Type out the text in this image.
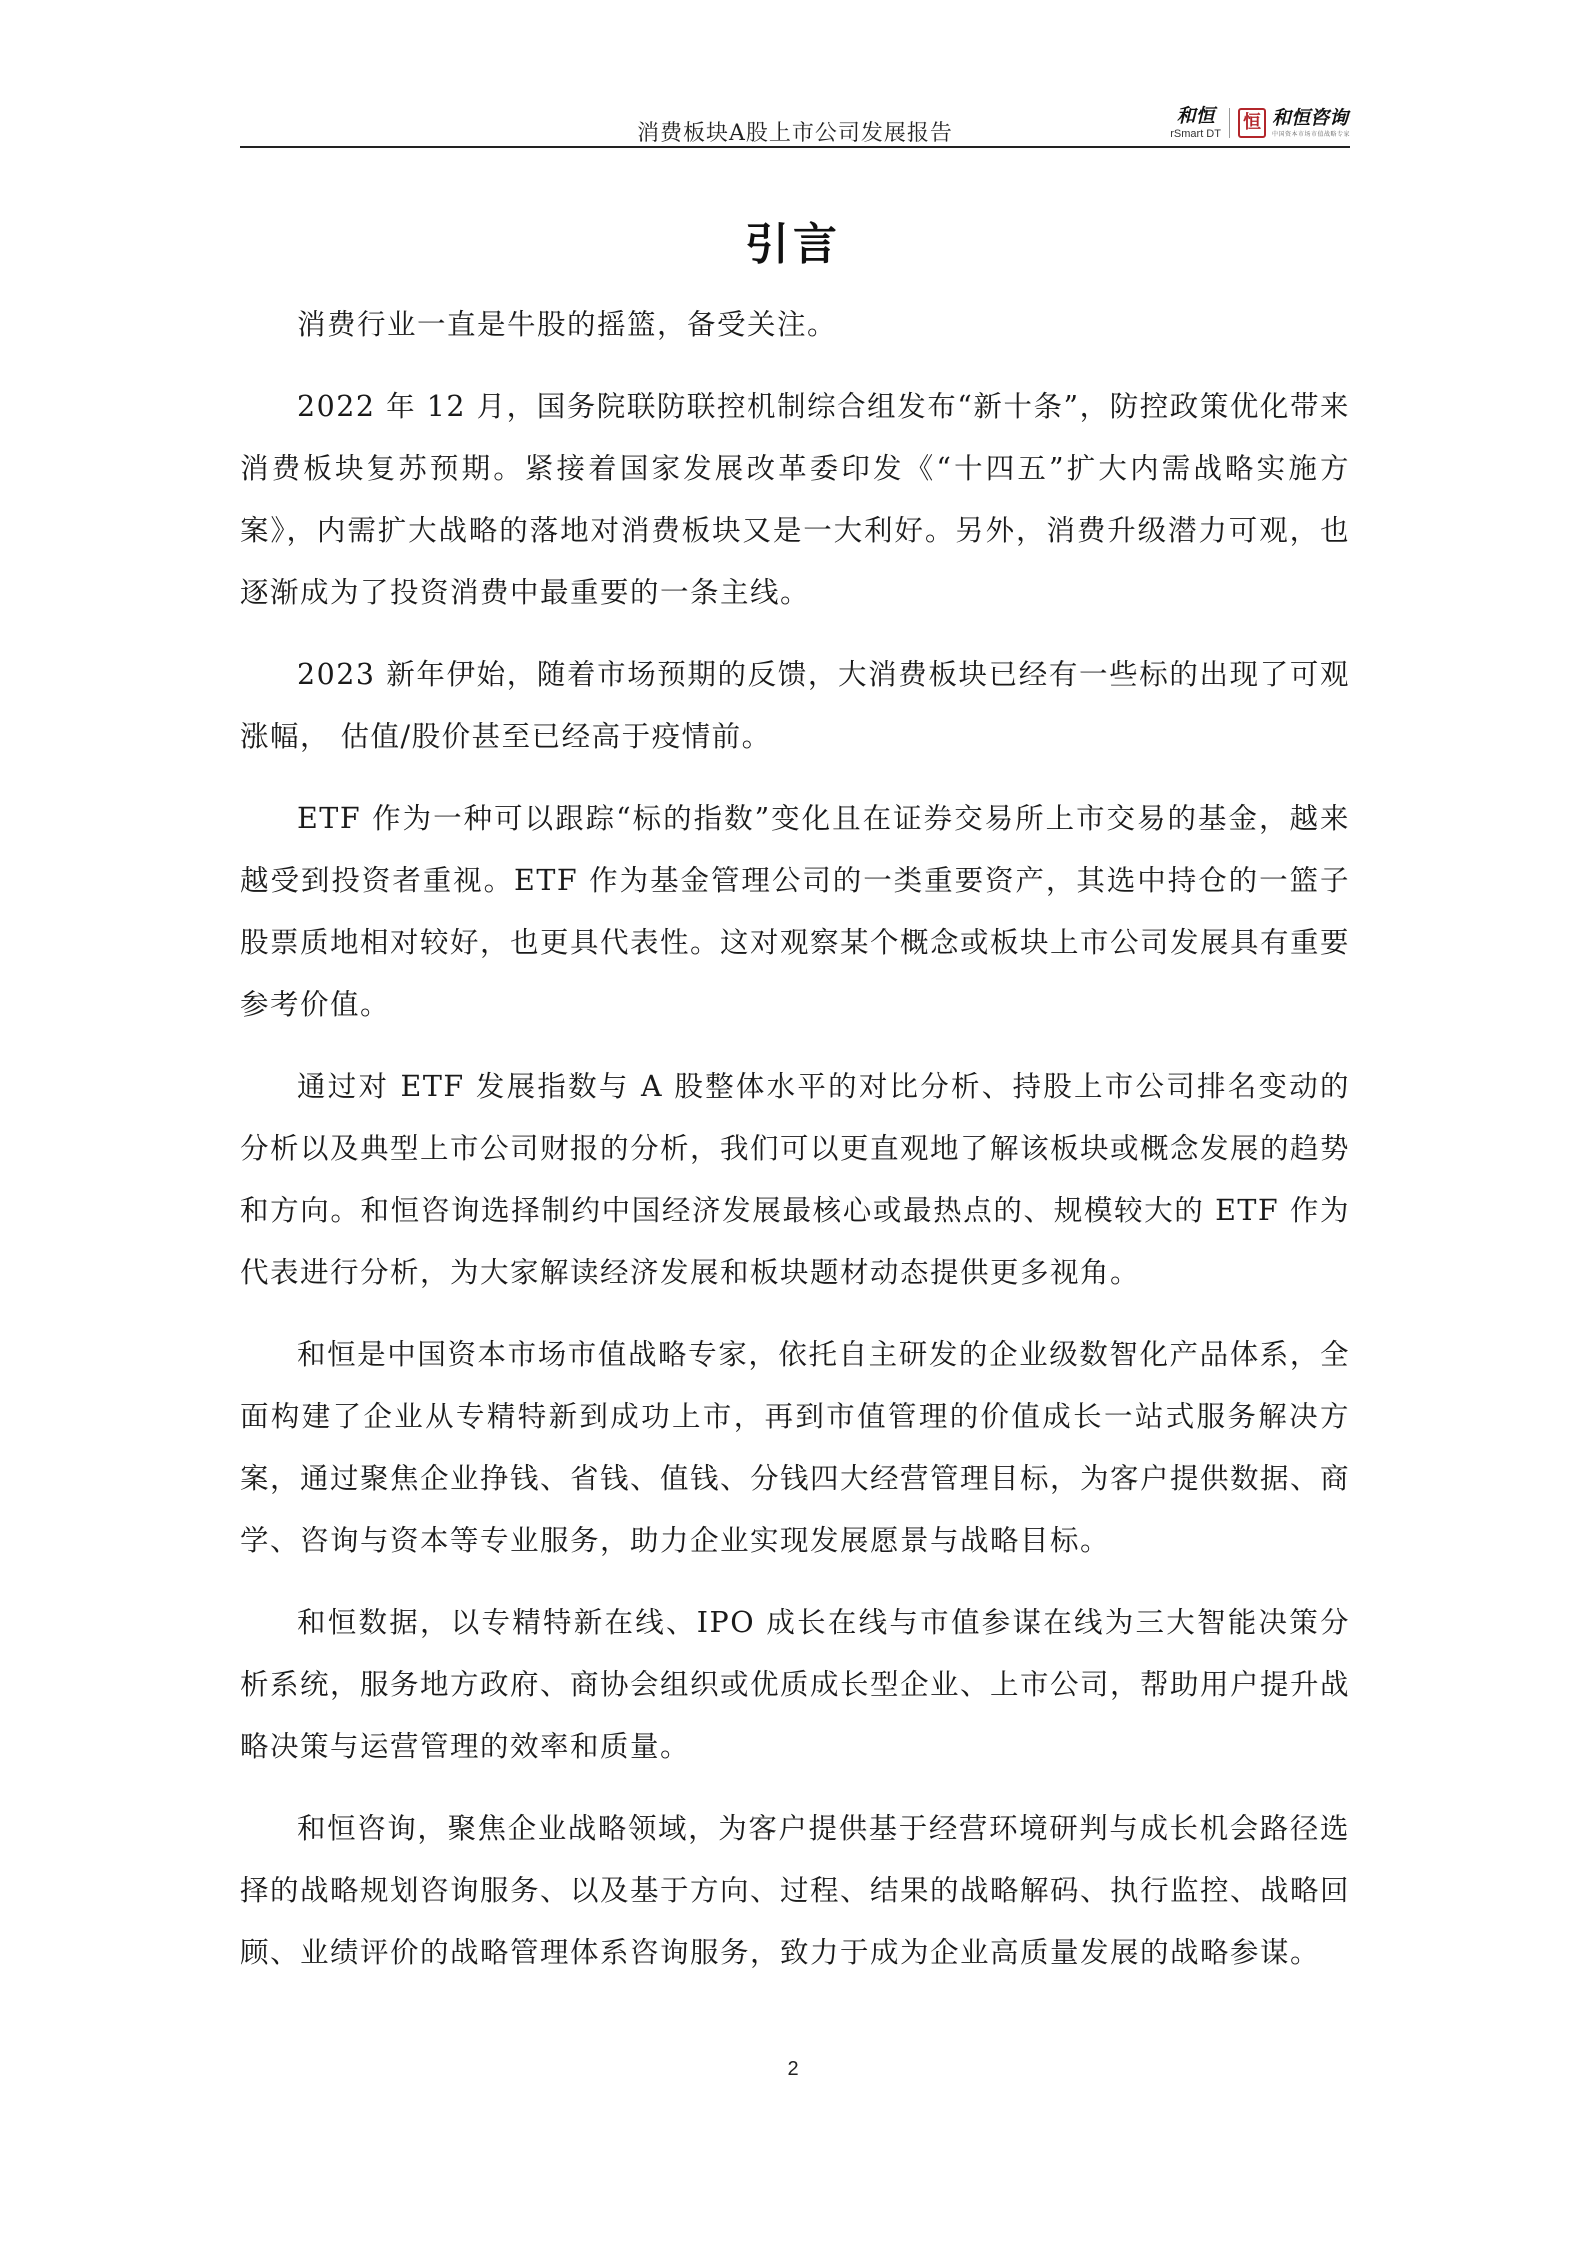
消费板块A股上市公司发展报告
和恒
rSmart DT
恒 和恒咨询
中国资本市场市值战略专家
引言

消费行业一直是牛股的摇篮，备受关注。

2022 年 12 月，国务院联防联控机制综合组发布“新十条”，防控政策优化带来消费板块复苏预期。紧接着国家发展改革委印发《“十四五”扩大内需战略实施方案》，内需扩大战略的落地对消费板块又是一大利好。另外，消费升级潜力可观，也逐渐成为了投资消费中最重要的一条主线。

2023 新年伊始，随着市场预期的反馈，大消费板块已经有一些标的出现了可观涨幅， 估值/股价甚至已经高于疫情前。

ETF 作为一种可以跟踪“标的指数”变化且在证券交易所上市交易的基金，越来越受到投资者重视。ETF 作为基金管理公司的一类重要资产，其选中持仓的一篮子股票质地相对较好，也更具代表性。这对观察某个概念或板块上市公司发展具有重要参考价值。

通过对 ETF 发展指数与 A 股整体水平的对比分析、持股上市公司排名变动的分析以及典型上市公司财报的分析，我们可以更直观地了解该板块或概念发展的趋势和方向。和恒咨询选择制约中国经济发展最核心或最热点的、规模较大的 ETF 作为代表进行分析，为大家解读经济发展和板块题材动态提供更多视角。

和恒是中国资本市场市值战略专家，依托自主研发的企业级数智化产品体系，全面构建了企业从专精特新到成功上市，再到市值管理的价值成长一站式服务解决方案，通过聚焦企业挣钱、省钱、值钱、分钱四大经营管理目标，为客户提供数据、商学、咨询与资本等专业服务，助力企业实现发展愿景与战略目标。

和恒数据，以专精特新在线、IPO 成长在线与市值参谋在线为三大智能决策分析系统，服务地方政府、商协会组织或优质成长型企业、上市公司，帮助用户提升战略决策与运营管理的效率和质量。

和恒咨询，聚焦企业战略领域，为客户提供基于经营环境研判与成长机会路径选择的战略规划咨询服务、以及基于方向、过程、结果的战略解码、执行监控、战略回顾、业绩评价的战略管理体系咨询服务，致力于成为企业高质量发展的战略参谋。

2
